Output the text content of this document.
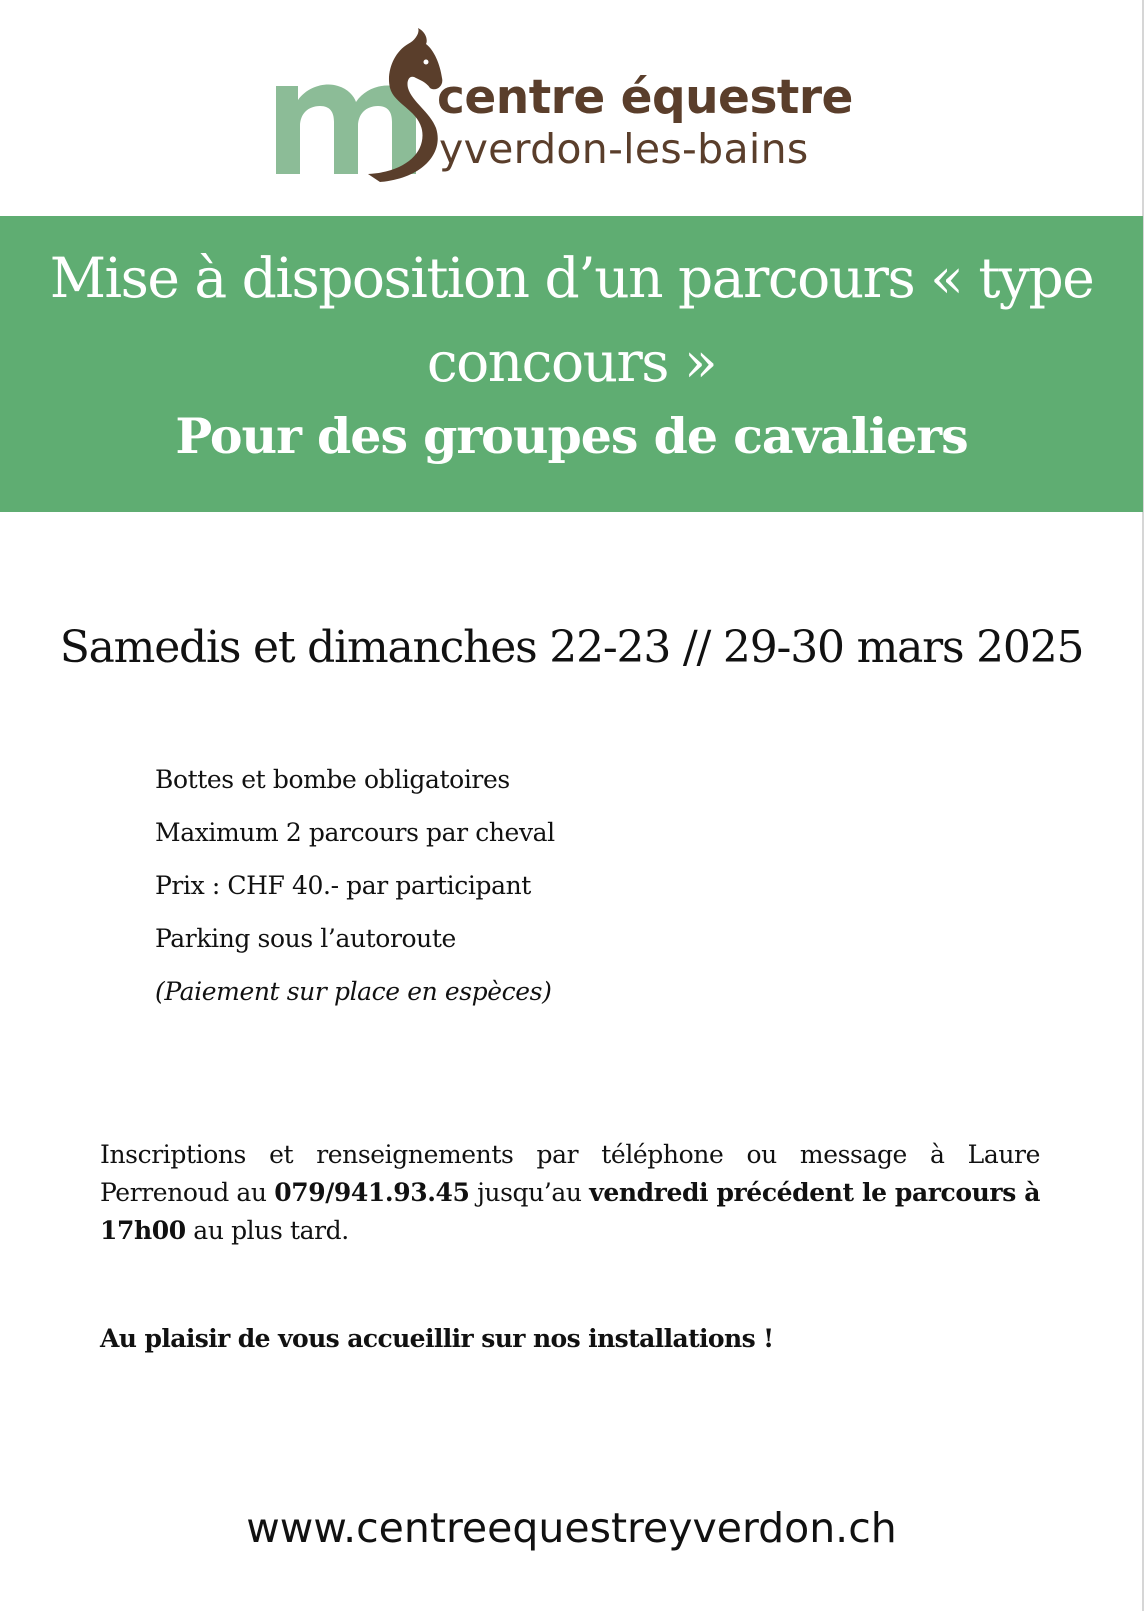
centre équestre
yverdon-les-bains
Mise à disposition d’un parcours « type concours »
Pour des groupes de cavaliers
Samedis et dimanches 22-23 // 29-30 mars 2025
Bottes et bombe obligatoires
Maximum 2 parcours par cheval
Prix : CHF 40.- par participant
Parking sous l’autoroute
(Paiement sur place en espèces)

Inscriptions et renseignements par téléphone ou message à Laure Perrenoud au 079/941.93.45 jusqu’au vendredi précédent le parcours à 17h00 au plus tard.

Au plaisir de vous accueillir sur nos installations !

www.centreequestreyverdon.ch
